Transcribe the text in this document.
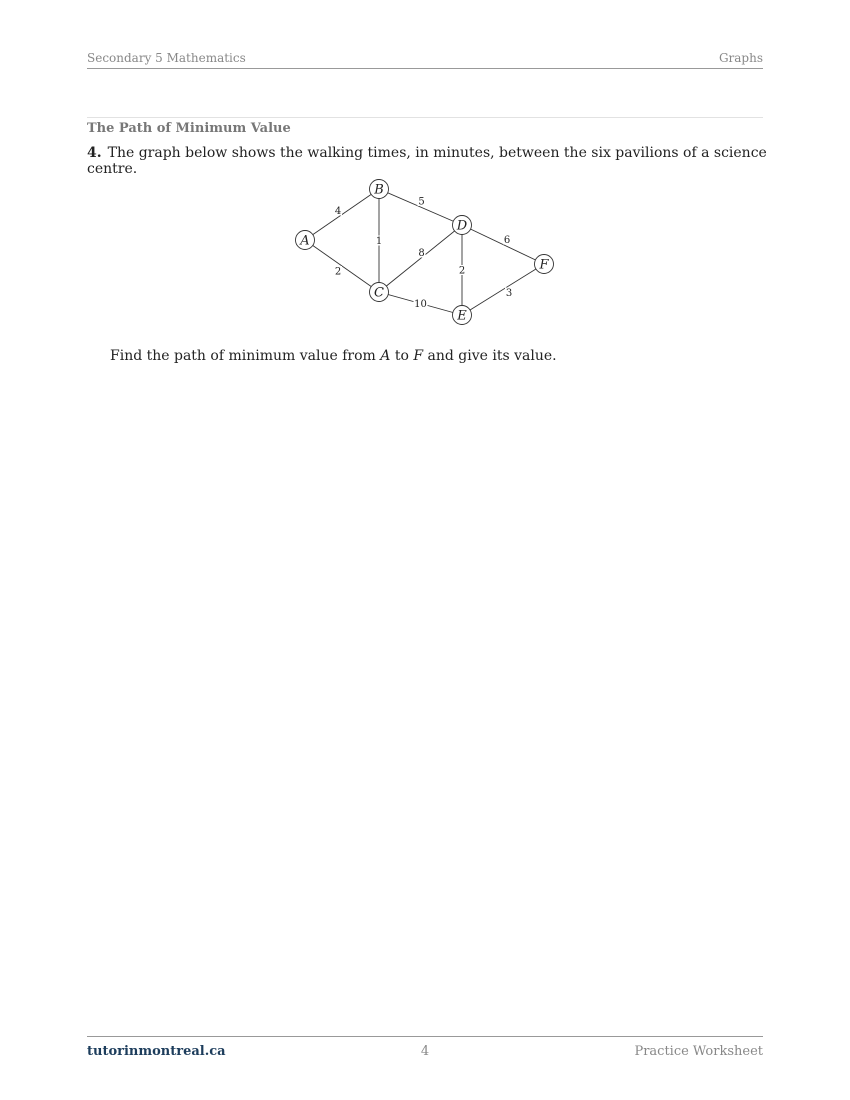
Secondary 5 Mathematics	Graphs
The Path of Minimum Value
4. The graph below shows the walking times, in minutes, between the six pavilions of a science centre.
4
2
1
5
8
10
2
6
3
A
B
C
D
E
F
Find the path of minimum value from A to F and give its value.
tutorinmontreal.ca	4	Practice Worksheet
